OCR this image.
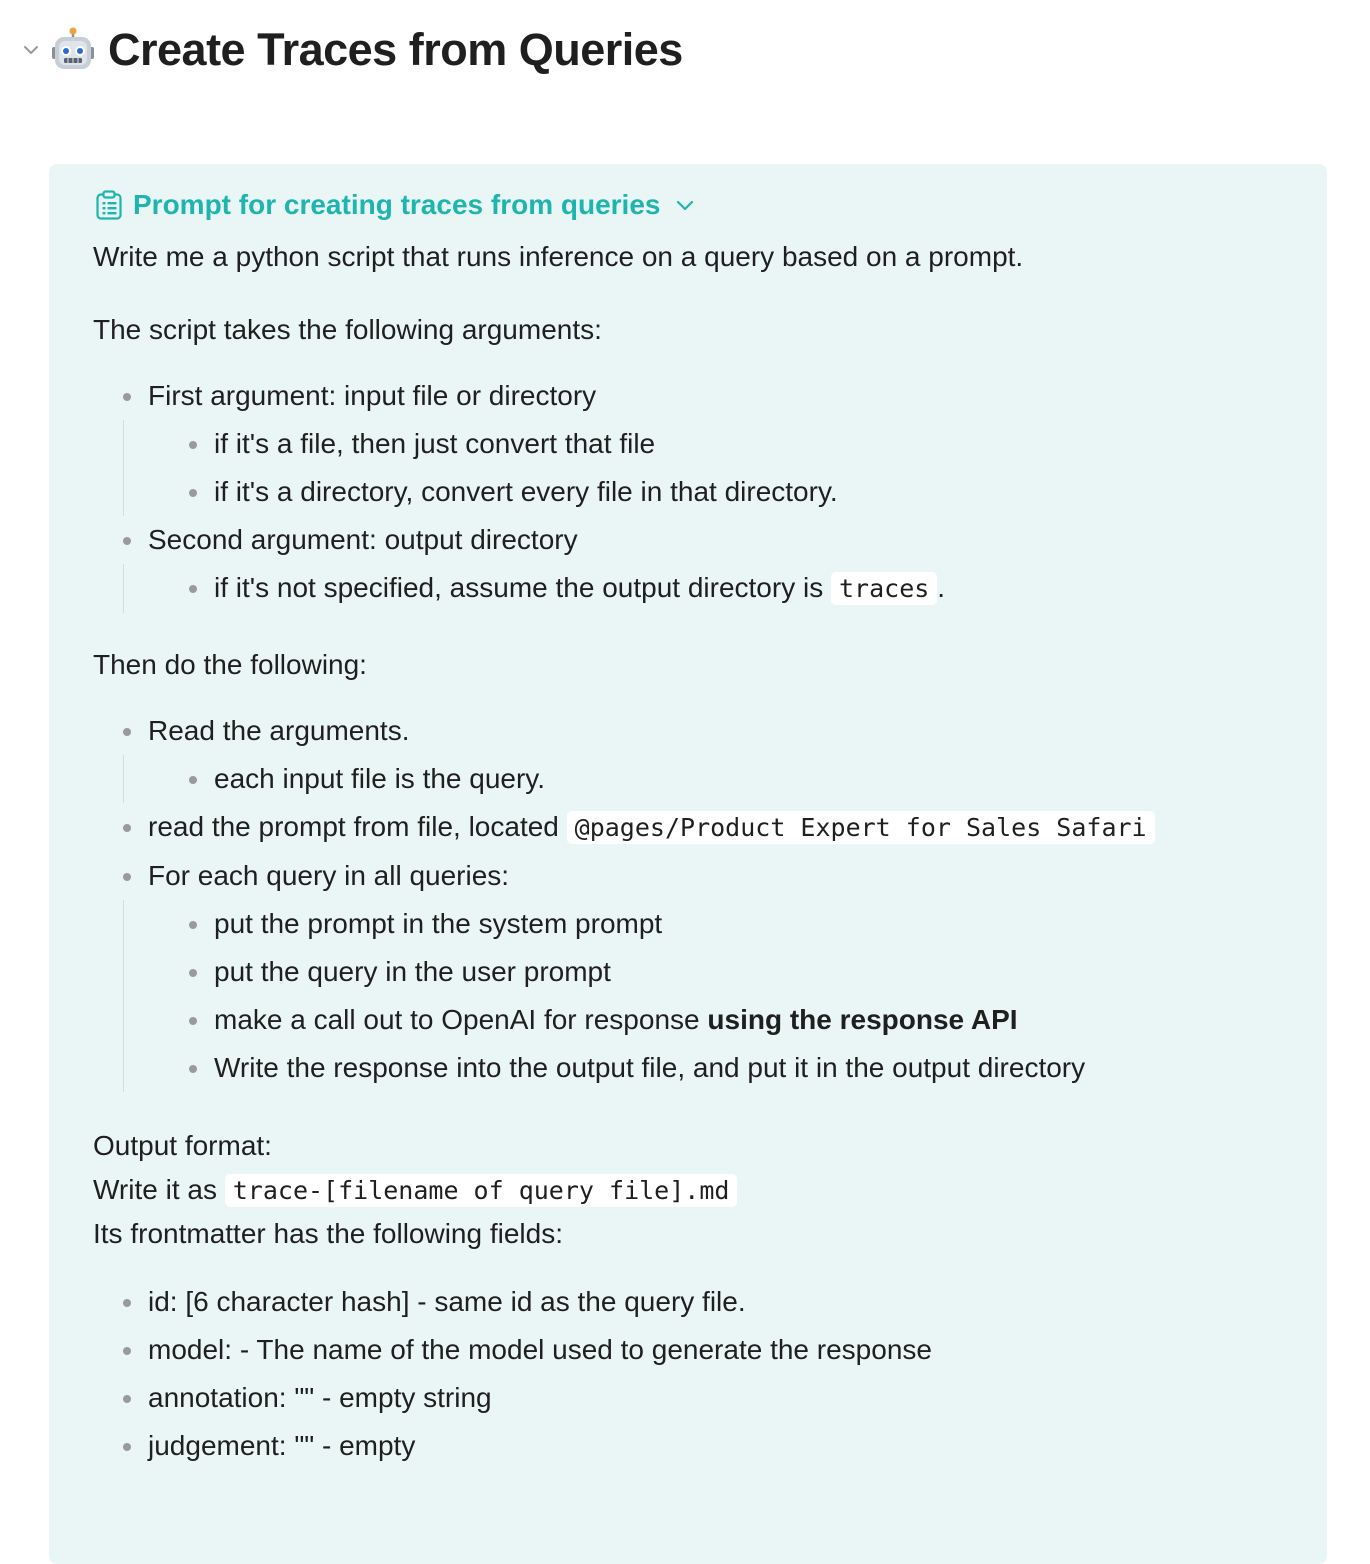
Create Traces from Queries
Prompt for creating traces from queries

Write me a python script that runs inference on a query based on a prompt.

The script takes the following arguments:

First argument: input file or directory
if it's a file, then just convert that file
if it's a directory, convert every file in that directory.
Second argument: output directory
if it's not specified, assume the output directory is traces .

Then do the following:

Read the arguments.
each input file is the query.
read the prompt from file, located @pages/Product Expert for Sales Safari
For each query in all queries:
put the prompt in the system prompt
put the query in the user prompt
make a call out to OpenAI for response using the response API
Write the response into the output file, and put it in the output directory

Output format:

Write it as trace-[filename of query file].md

Its frontmatter has the following fields:

id: [6 character hash] - same id as the query file.
model: - The name of the model used to generate the response
annotation: "" - empty string
judgement: "" - empty
